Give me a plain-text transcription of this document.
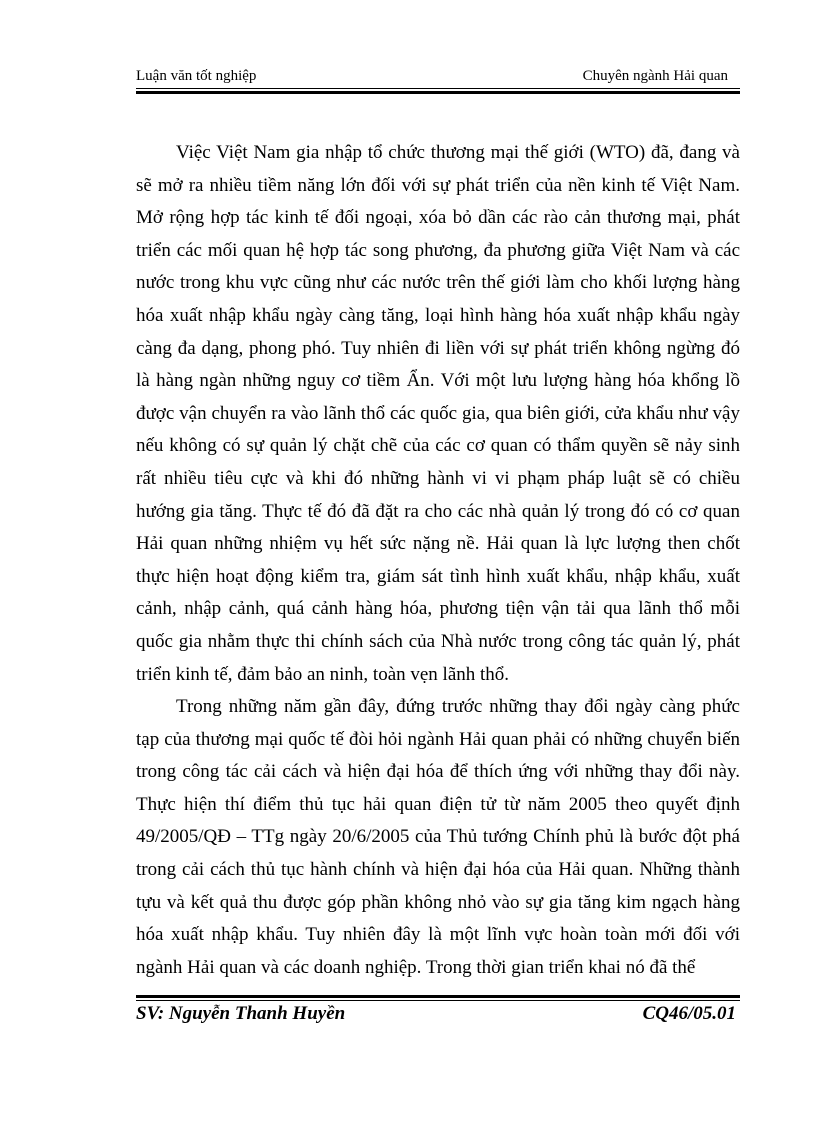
Luận văn tốt nghiệp	Chuyên ngành Hải quan

Việc Việt Nam gia nhập tổ chức thương mại thế giới (WTO) đã, đang và sẽ mở ra nhiều tiềm năng lớn đối với sự phát triển của nền kinh tế Việt Nam. Mở rộng hợp tác kinh tế đối ngoại, xóa bỏ dần các rào cản thương mại, phát triển các mối quan hệ hợp tác song phương, đa phương giữa Việt Nam và các nước trong khu vực cũng như các nước trên thế giới làm cho khối lượng hàng hóa xuất nhập khẩu ngày càng tăng, loại hình hàng hóa xuất nhập khẩu ngày càng đa dạng, phong phó. Tuy nhiên đi liền với sự phát triển không ngừng đó là hàng ngàn những nguy cơ tiềm Ẩn. Với một lưu lượng hàng hóa khổng lồ được vận chuyển ra vào lãnh thổ các quốc gia, qua biên giới, cửa khẩu như vậy nếu không có sự quản lý chặt chẽ của các cơ quan có thẩm quyền sẽ nảy sinh rất nhiều tiêu cực và khi đó những hành vi vi phạm pháp luật sẽ có chiều hướng gia tăng. Thực tế đó đã đặt ra cho các nhà quản lý trong đó có cơ quan Hải quan những nhiệm vụ hết sức nặng nề. Hải quan là lực lượng then chốt thực hiện hoạt động kiểm tra, giám sát tình hình xuất khẩu, nhập khẩu, xuất cảnh, nhập cảnh, quá cảnh hàng hóa, phương tiện vận tải qua lãnh thổ mỗi quốc gia nhằm thực thi chính sách của Nhà nước trong công tác quản lý, phát triển kinh tế, đảm bảo an ninh, toàn vẹn lãnh thổ.

Trong những năm gần đây, đứng trước những thay đổi ngày càng phức tạp của thương mại quốc tế đòi hỏi ngành Hải quan phải có những chuyển biến trong công tác cải cách và hiện đại hóa để thích ứng với những thay đổi này. Thực hiện thí điểm thủ tục hải quan điện tử từ năm 2005 theo quyết định 49/2005/QĐ – TTg ngày 20/6/2005 của Thủ tướng Chính phủ là bước đột phá trong cải cách thủ tục hành chính và hiện đại hóa của Hải quan. Những thành tựu và kết quả thu được góp phần không nhỏ vào sự gia tăng kim ngạch hàng hóa xuất nhập khẩu. Tuy nhiên đây là một lĩnh vực hoàn toàn mới đối với ngành Hải quan và các doanh nghiệp. Trong thời gian triển khai nó đã thể

SV: Nguyễn Thanh Huyền	CQ46/05.01
